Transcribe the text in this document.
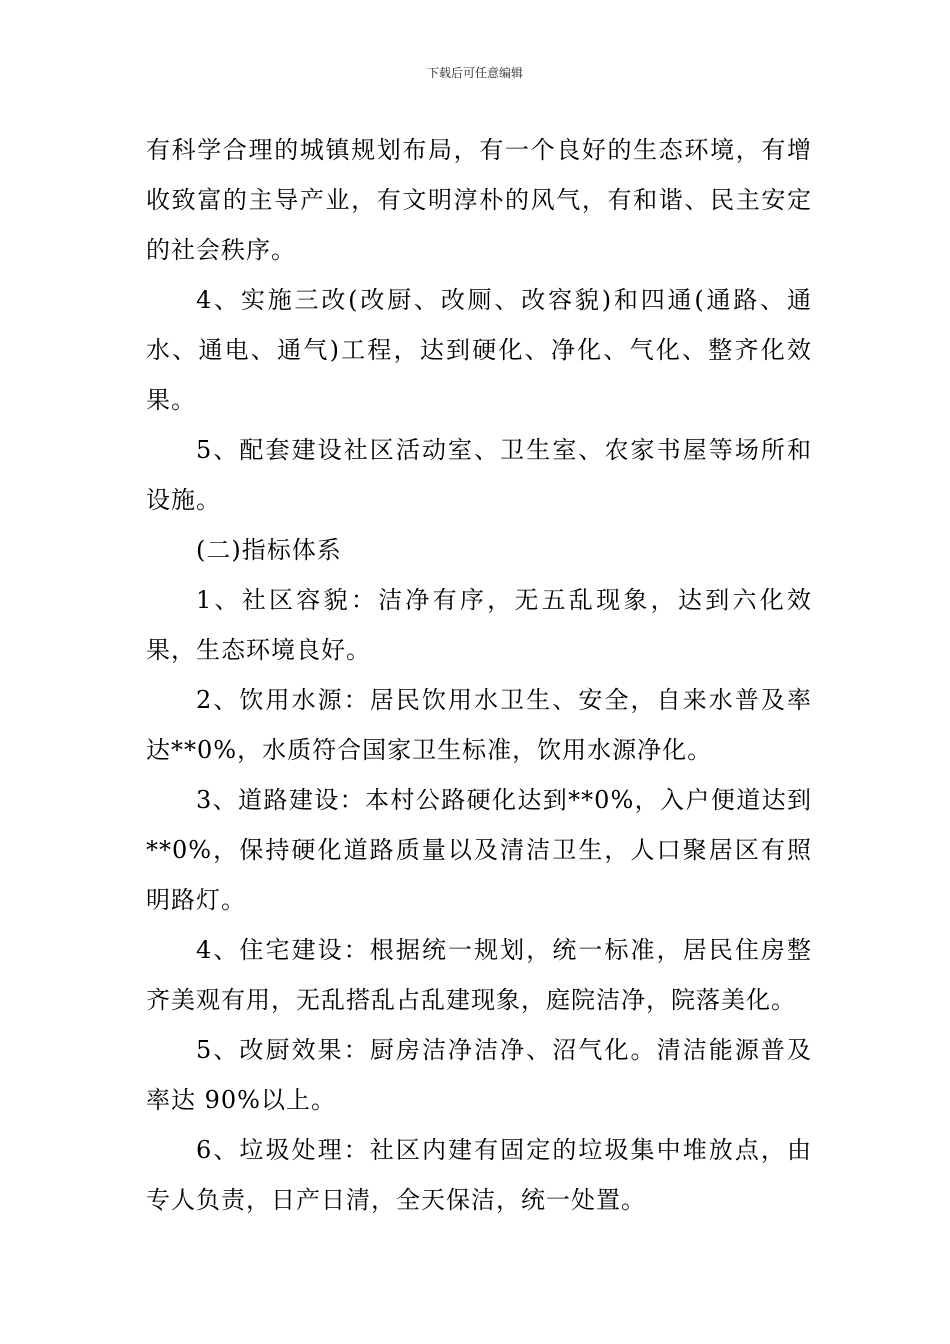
下载后可任意编辑

有科学合理的城镇规划布局，有一个良好的生态环境，有增收致富的主导产业，有文明淳朴的风气，有和谐、民主安定的社会秩序。

4、实施三改(改厨、改厕、改容貌)和四通(通路、通水、通电、通气)工程，达到硬化、净化、气化、整齐化效果。

5、配套建设社区活动室、卫生室、农家书屋等场所和设施。

(二)指标体系

1、社区容貌：洁净有序，无五乱现象，达到六化效果，生态环境良好。

2、饮用水源：居民饮用水卫生、安全，自来水普及率达**0%，水质符合国家卫生标准，饮用水源净化。

3、道路建设：本村公路硬化达到**0%，入户便道达到**0%，保持硬化道路质量以及清洁卫生，人口聚居区有照明路灯。

4、住宅建设：根据统一规划，统一标准，居民住房整齐美观有用，无乱搭乱占乱建现象，庭院洁净，院落美化。

5、改厨效果：厨房洁净洁净、沼气化。清洁能源普及率达 90%以上。

6、垃圾处理：社区内建有固定的垃圾集中堆放点，由专人负责，日产日清，全天保洁，统一处置。
